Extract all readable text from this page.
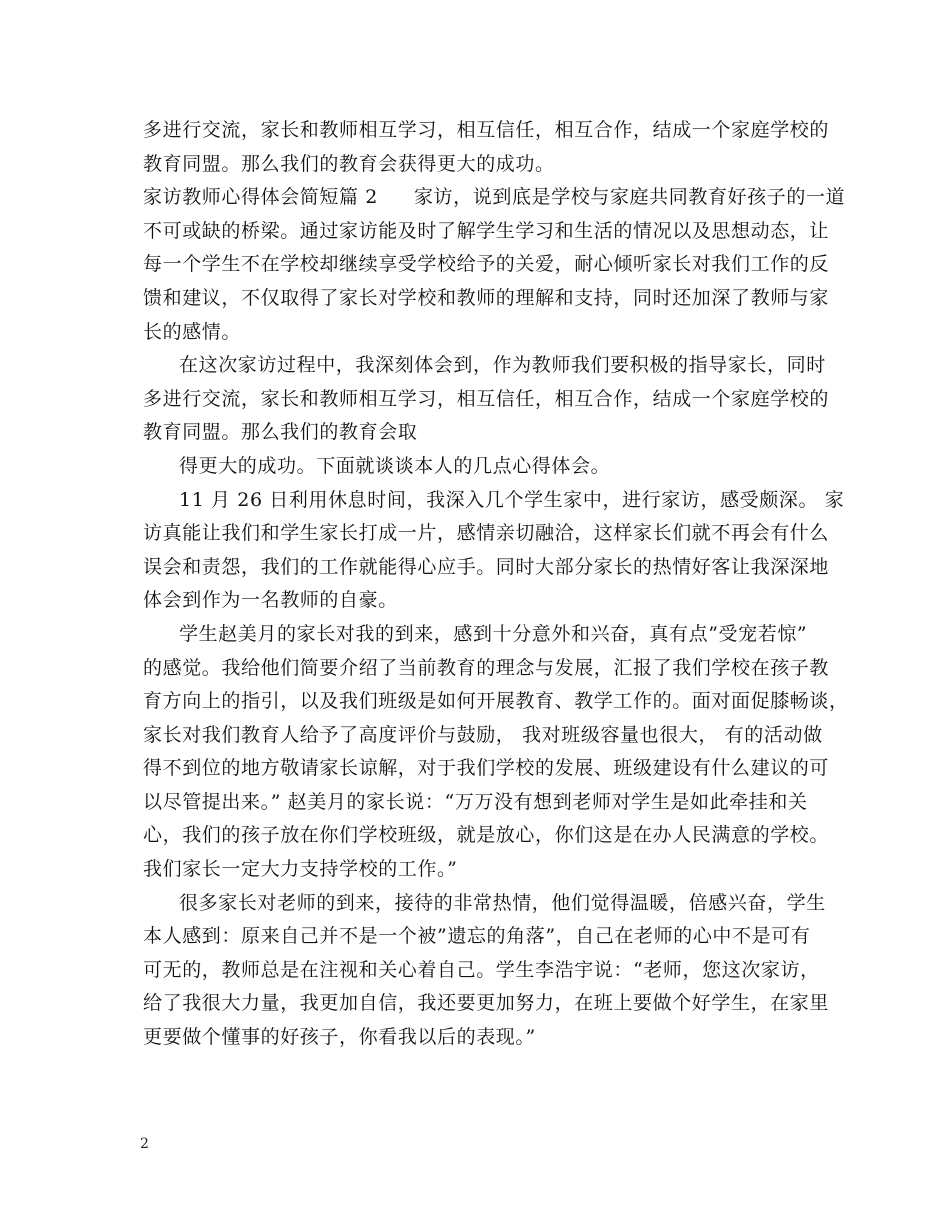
多进行交流，家长和教师相互学习，相互信任，相互合作，结成一个家庭学校的
教育同盟。那么我们的教育会获得更大的成功。
家访教师心得体会简短篇 2 家访，说到底是学校与家庭共同教育好孩子的一道
不可或缺的桥梁。通过家访能及时了解学生学习和生活的情况以及思想动态，让
每一个学生不在学校却继续享受学校给予的关爱，耐心倾听家长对我们工作的反
馈和建议，不仅取得了家长对学校和教师的理解和支持，同时还加深了教师与家
长的感情。
在这次家访过程中，我深刻体会到，作为教师我们要积极的指导家长，同时
多进行交流，家长和教师相互学习，相互信任，相互合作，结成一个家庭学校的
教育同盟。那么我们的教育会取
得更大的成功。下面就谈谈本人的几点心得体会。
11 月 26 日利用休息时间，我深入几个学生家中，进行家访，感受颇深。 家
访真能让我们和学生家长打成一片，感情亲切融洽，这样家长们就不再会有什么
误会和责怨，我们的工作就能得心应手。同时大部分家长的热情好客让我深深地
体会到作为一名教师的自豪。
学生赵美月的家长对我的到来，感到十分意外和兴奋，真有点”受宠若惊”
的感觉。我给他们简要介绍了当前教育的理念与发展，汇报了我们学校在孩子教
育方向上的指引，以及我们班级是如何开展教育、教学工作的。面对面促膝畅谈，
家长对我们教育人给予了高度评价与鼓励， 我对班级容量也很大， 有的活动做
得不到位的地方敬请家长谅解，对于我们学校的发展、班级建设有什么建议的可
以尽管提出来。” 赵美月的家长说：“万万没有想到老师对学生是如此牵挂和关
心，我们的孩子放在你们学校班级，就是放心，你们这是在办人民满意的学校。
我们家长一定大力支持学校的工作。”
很多家长对老师的到来，接待的非常热情，他们觉得温暖，倍感兴奋，学生
本人感到：原来自己并不是一个被”遗忘的角落”，自己在老师的心中不是可有
可无的，教师总是在注视和关心着自己。学生李浩宇说：“老师，您这次家访，
给了我很大力量，我更加自信，我还要更加努力，在班上要做个好学生，在家里
更要做个懂事的好孩子，你看我以后的表现。”
2
